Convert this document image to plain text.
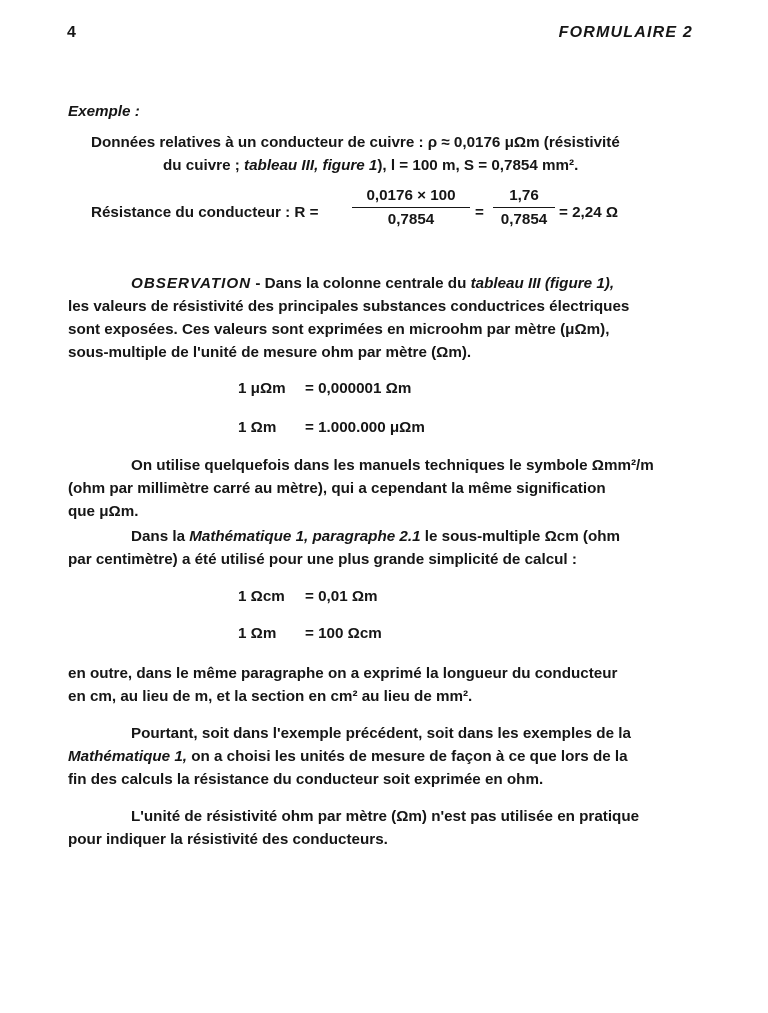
4	FORMULAIRE 2
Exemple :
Données relatives à un conducteur de cuivre : ρ ≈ 0,0176 μΩm (résistivité
du cuivre ; tableau III, figure 1), l = 100 m, S = 0,7854 mm².
Résistance du conducteur : $R = \frac{0,0176 \times 100}{0,7854} = \frac{1,76}{0,7854} = 2,24$ Ω
OBSERVATION - Dans la colonne centrale du tableau III (figure 1),
les valeurs de résistivité des principales substances conductrices électriques
sont exposées. Ces valeurs sont exprimées en microohm par mètre (μΩm),
sous-multiple de l'unité de mesure ohm par mètre (Ωm).
1 μΩm = 0,000001 Ωm
1 Ωm = 1.000.000 μΩm
On utilise quelquefois dans les manuels techniques le symbole Ωmm²/m
(ohm par millimètre carré au mètre), qui a cependant la même signification
que μΩm.
Dans la Mathématique 1, paragraphe 2.1 le sous-multiple Ωcm (ohm
par centimètre) a été utilisé pour une plus grande simplicité de calcul :
1 Ωcm = 0,01 Ωm
1 Ωm = 100 Ωcm
en outre, dans le même paragraphe on a exprimé la longueur du conducteur
en cm, au lieu de m, et la section en cm² au lieu de mm².
Pourtant, soit dans l'exemple précédent, soit dans les exemples de la
Mathématique 1, on a choisi les unités de mesure de façon à ce que lors de la
fin des calculs la résistance du conducteur soit exprimée en ohm.
L'unité de résistivité ohm par mètre (Ωm) n'est pas utilisée en pratique
pour indiquer la résistivité des conducteurs.
